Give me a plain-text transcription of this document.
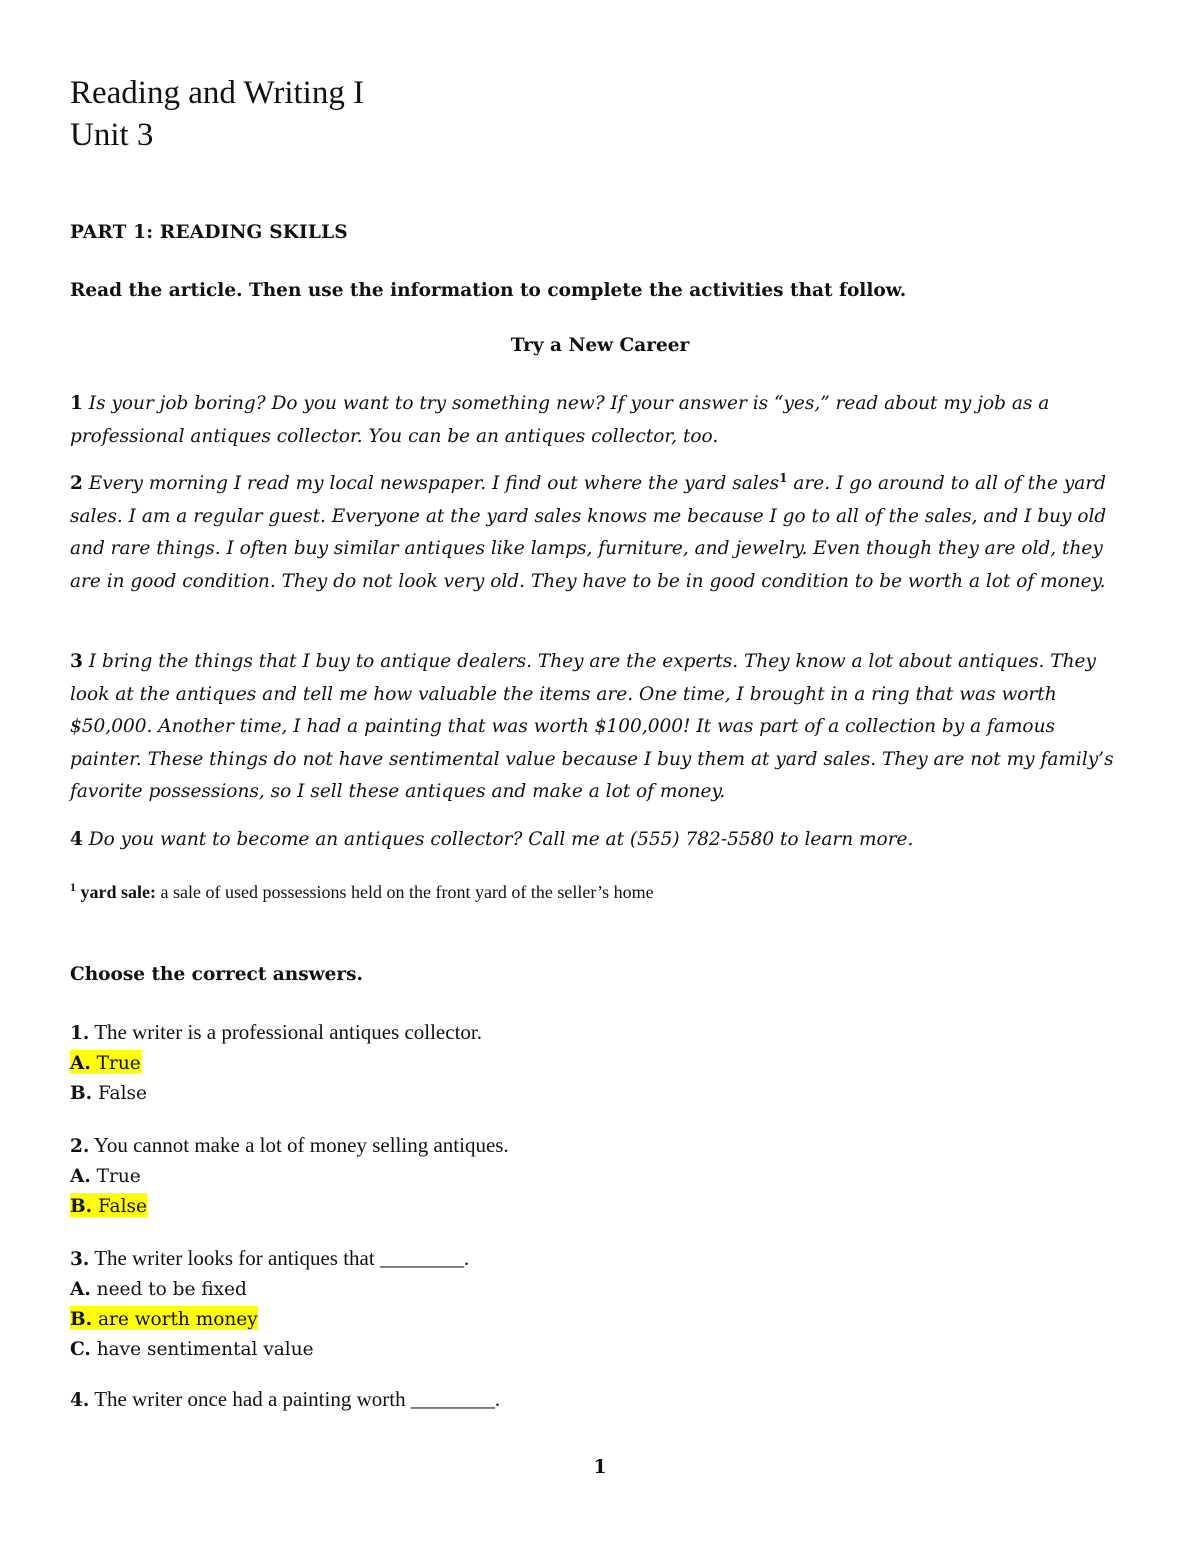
Reading and Writing I
Unit 3
PART 1: READING SKILLS
Read the article. Then use the information to complete the activities that follow.
Try a New Career

1 Is your job boring? Do you want to try something new? If your answer is “yes,” read about my job as a professional antiques collector. You can be an antiques collector, too.

2 Every morning I read my local newspaper. I find out where the yard sales$^1$ are. I go around to all of the yard sales. I am a regular guest. Everyone at the yard sales knows me because I go to all of the sales, and I buy old and rare things. I often buy similar antiques like lamps, furniture, and jewelry. Even though they are old, they are in good condition. They do not look very old. They have to be in good condition to be worth a lot of money.

3 I bring the things that I buy to antique dealers. They are the experts. They know a lot about antiques. They look at the antiques and tell me how valuable the items are. One time, I brought in a ring that was worth $50,000. Another time, I had a painting that was worth $100,000! It was part of a collection by a famous painter. These things do not have sentimental value because I buy them at yard sales. They are not my family’s favorite possessions, so I sell these antiques and make a lot of money.

4 Do you want to become an antiques collector? Call me at (555) 782-5580 to learn more.

$^1$ yard sale: a sale of used possessions held on the front yard of the seller’s home
Choose the correct answers.
1. The writer is a professional antiques collector.
A. True
B. False
2. You cannot make a lot of money selling antiques.
A. True
B. False
3. The writer looks for antiques that ________.
A. need to be fixed
B. are worth money
C. have sentimental value
4. The writer once had a painting worth ________.
1
